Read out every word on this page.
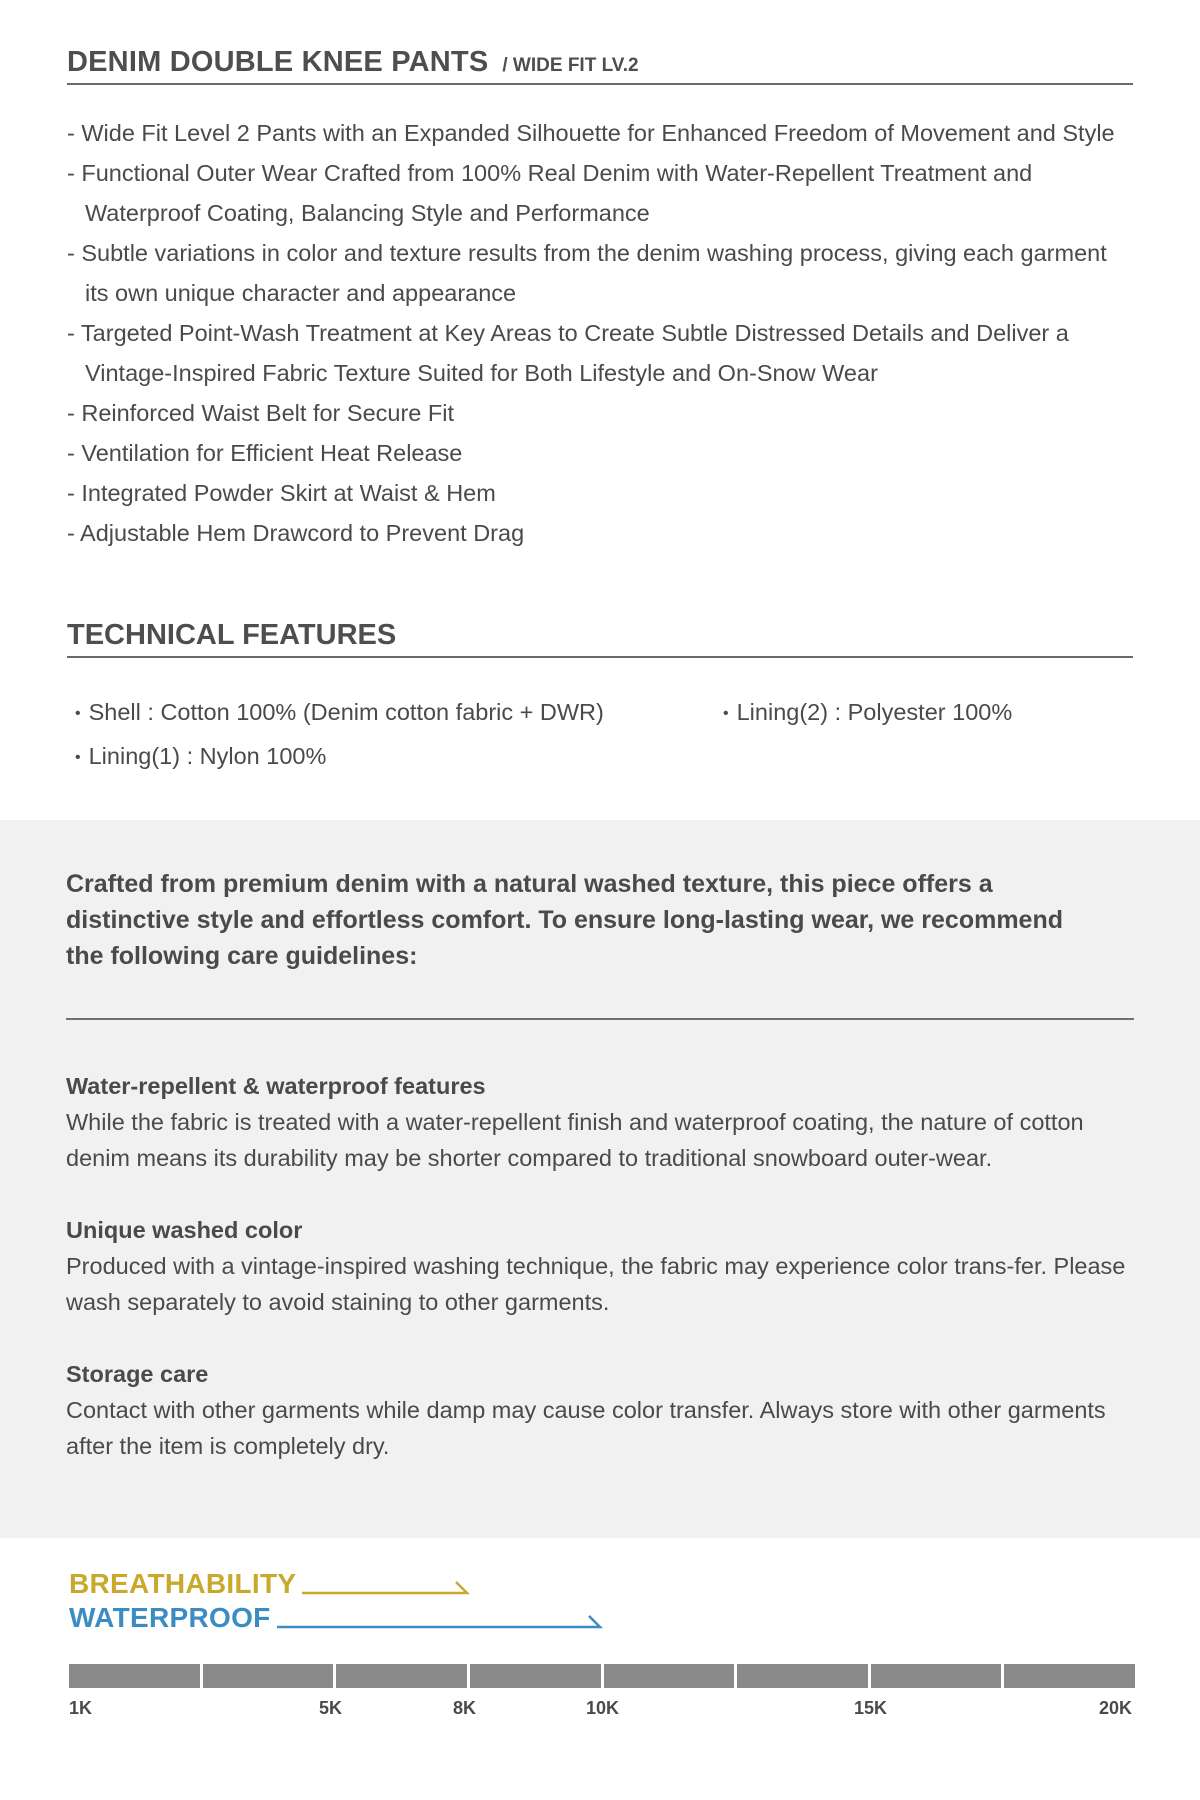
DENIM DOUBLE KNEE PANTS / WIDE FIT LV.2
- Wide Fit Level 2 Pants with an Expanded Silhouette for Enhanced Freedom of Movement and Style
- Functional Outer Wear Crafted from 100% Real Denim with Water-Repellent Treatment and Waterproof Coating, Balancing Style and Performance
- Subtle variations in color and texture results from the denim washing process, giving each garment its own unique character and appearance
- Targeted Point-Wash Treatment at Key Areas to Create Subtle Distressed Details and Deliver a Vintage-Inspired Fabric Texture Suited for Both Lifestyle and On-Snow Wear
- Reinforced Waist Belt for Secure Fit
- Ventilation for Efficient Heat Release
- Integrated Powder Skirt at Waist & Hem
- Adjustable Hem Drawcord to Prevent Drag
TECHNICAL FEATURES
• Shell : Cotton 100% (Denim cotton fabric + DWR)	• Lining(2) : Polyester 100%
• Lining(1) : Nylon 100%

Crafted from premium denim with a natural washed texture, this piece offers a distinctive style and effortless comfort. To ensure long-lasting wear, we recommend the following care guidelines:

Water-repellent & waterproof features

While the fabric is treated with a water-repellent finish and waterproof coating, the nature of cotton denim means its durability may be shorter compared to traditional snowboard outer-wear.

Unique washed color

Produced with a vintage-inspired washing technique, the fabric may experience color trans-fer. Please wash separately to avoid staining to other garments.

Storage care

Contact with other garments while damp may cause color transfer. Always store with other garments after the item is completely dry.

BREATHABILITY
WATERPROOF
1K	5K	8K	10K	15K	20K
